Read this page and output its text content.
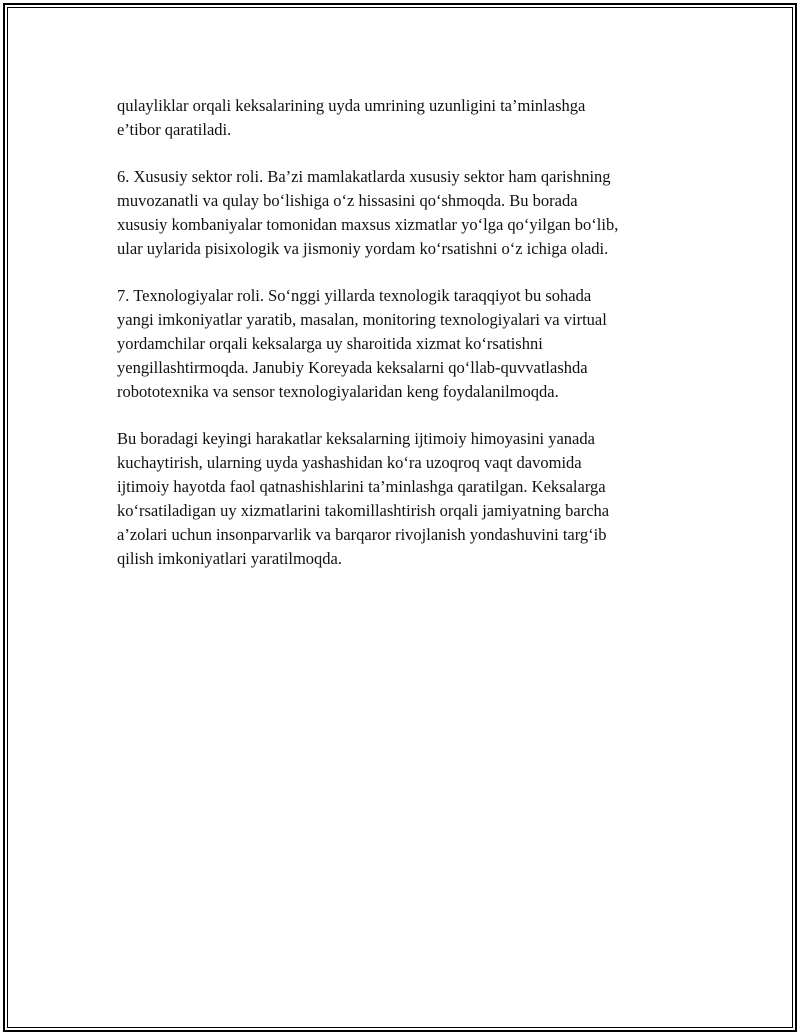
qulayliklar orqali keksalarining uyda umrining uzunligini ta’minlashga
e’tibor qaratiladi.

6. Xususiy sektor roli. Ba’zi mamlakatlarda xususiy sektor ham qarishning
muvozanatli va qulay bo‘lishiga o‘z hissasini qo‘shmoqda. Bu borada
xususiy kombaniyalar tomonidan maxsus xizmatlar yo‘lga qo‘yilgan bo‘lib,
ular uylarida pisixologik va jismoniy yordam ko‘rsatishni o‘z ichiga oladi.

7. Texnologiyalar roli. So‘nggi yillarda texnologik taraqqiyot bu sohada
yangi imkoniyatlar yaratib, masalan, monitoring texnologiyalari va virtual
yordamchilar orqali keksalarga uy sharoitida xizmat ko‘rsatishni
yengillashtirmoqda. Janubiy Koreyada keksalarni qo‘llab-quvvatlashda
robototexnika va sensor texnologiyalaridan keng foydalanilmoqda.

Bu boradagi keyingi harakatlar keksalarning ijtimoiy himoyasini yanada
kuchaytirish, ularning uyda yashashidan ko‘ra uzoqroq vaqt davomida
ijtimoiy hayotda faol qatnashishlarini ta’minlashga qaratilgan. Keksalarga
ko‘rsatiladigan uy xizmatlarini takomillashtirish orqali jamiyatning barcha
a’zolari uchun insonparvarlik va barqaror rivojlanish yondashuvini targ‘ib
qilish imkoniyatlari yaratilmoqda.
